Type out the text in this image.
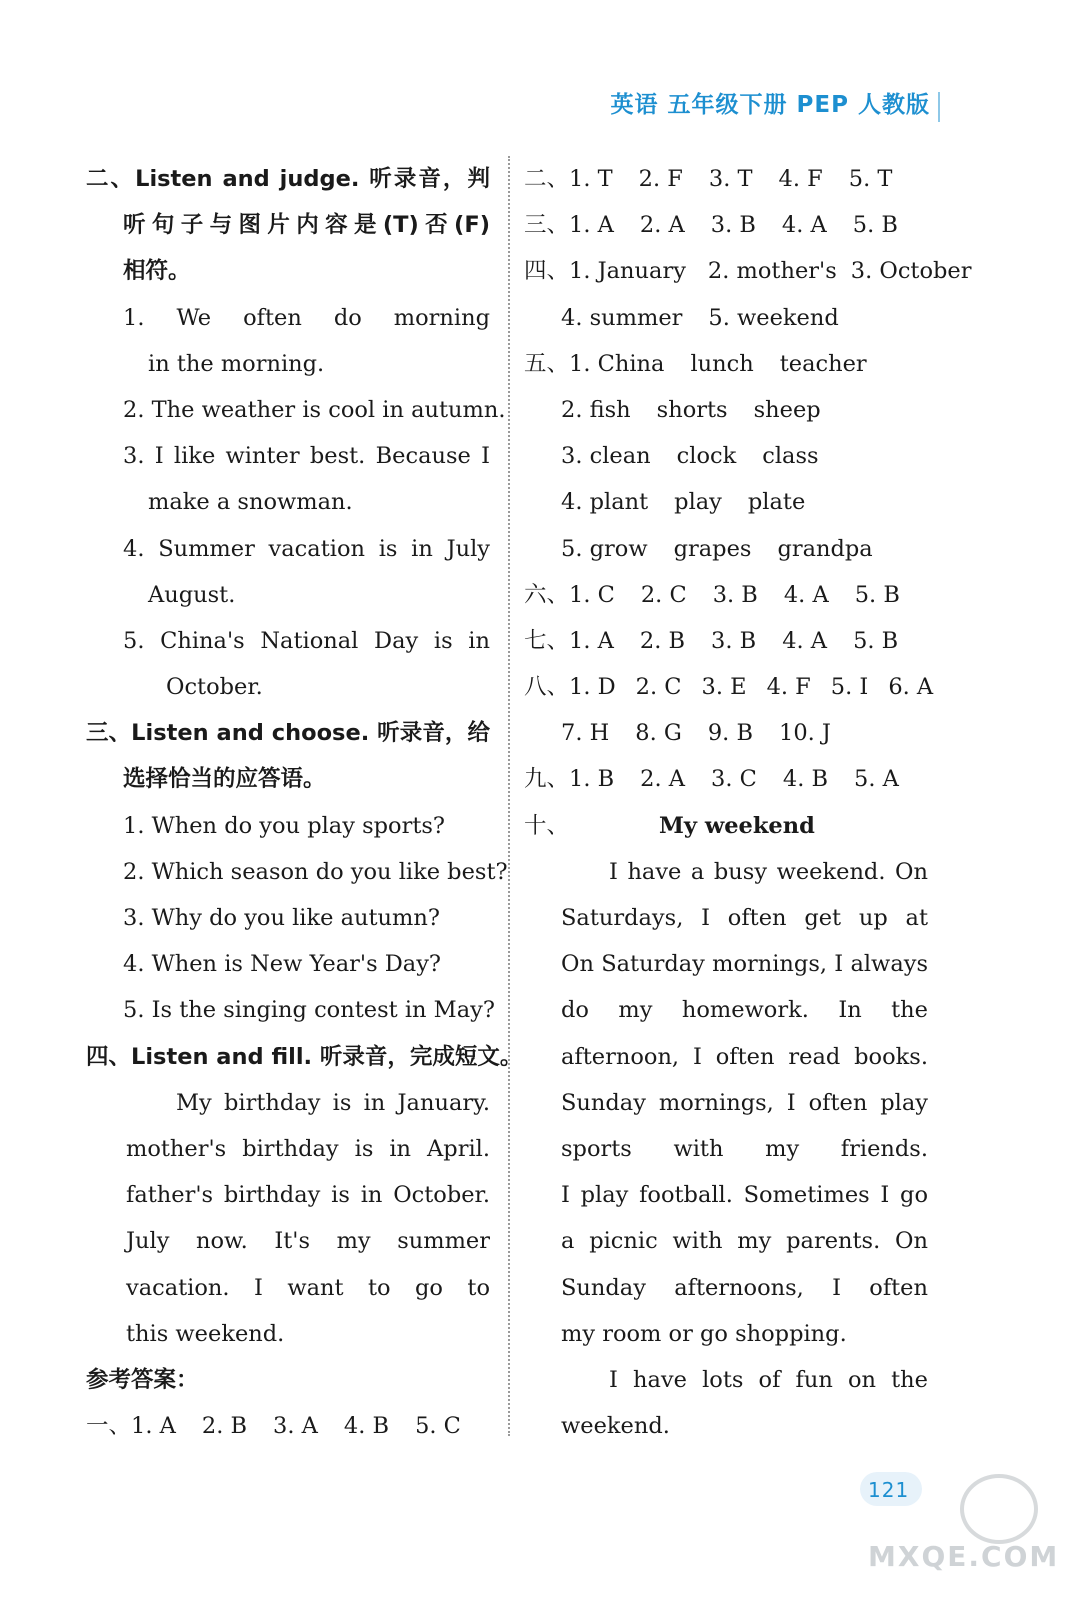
英语 五年级下册 PEP 人教版
二、Listen and judge. 听录音，判
听句子与图片内容是(T)否(F)
相符。
1. We often do morning
in the morning.
2. The weather is cool in autumn.
3. I like winter best. Because I
make a snowman.
4. Summer vacation is in July
August.
5. China's National Day is in
October.
三、Listen and choose. 听录音，给
选择恰当的应答语。
1. When do you play sports?
2. Which season do you like best?
3. Why do you like autumn?
4. When is New Year's Day?
5. Is the singing contest in May?
四、Listen and fill. 听录音，完成短文。
My birthday is in January.
mother's birthday is in April.
father's birthday is in October.
July now. It's my summer
vacation. I want to go to
this weekend.
参考答案：
一、1. A 2. B 3. A 4. B 5. C
二、1. T 2. F 3. T 4. F 5. T
三、1. A 2. A 3. B 4. A 5. B
四、1. January 2. mother's 3. October
4. summer 5. weekend
五、1. China lunch teacher
2. fish shorts sheep
3. clean clock class
4. plant play plate
5. grow grapes grandpa
六、1. C 2. C 3. B 4. A 5. B
七、1. A 2. B 3. B 4. A 5. B
八、1. D 2. C 3. E 4. F 5. I 6. A
7. H 8. G 9. B 10. J
九、1. B 2. A 3. C 4. B 5. A
十、	My weekend
I have a busy weekend. On
Saturdays, I often get up at
On Saturday mornings, I always
do my homework. In the
afternoon, I often read books.
Sunday mornings, I often play
sports with my friends.
I play football. Sometimes I go
a picnic with my parents. On
Sunday afternoons, I often
my room or go shopping.
I have lots of fun on the
weekend.
121
MXQE.COM
